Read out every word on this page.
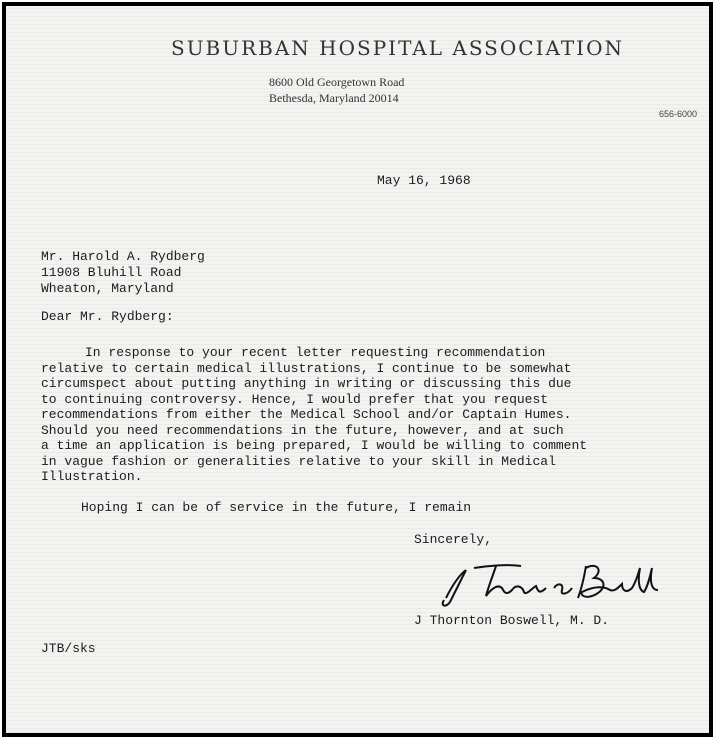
SUBURBAN HOSPITAL ASSOCIATION
8600 Old Georgetown Road
Bethesda, Maryland 20014
656-6000
May 16, 1968
Mr. Harold A. Rydberg
11908 Bluhill Road
Wheaton, Maryland
Dear Mr. Rydberg:
In response to your recent letter requesting recommendation
relative to certain medical illustrations, I continue to be somewhat
circumspect about putting anything in writing or discussing this due
to continuing controversy. Hence, I would prefer that you request
recommendations from either the Medical School and/or Captain Humes.
Should you need recommendations in the future, however, and at such
a time an application is being prepared, I would be willing to comment
in vague fashion or generalities relative to your skill in Medical
Illustration.
Hoping I can be of service in the future, I remain
Sincerely,
J Thornton Boswell, M. D.
JTB/sks
